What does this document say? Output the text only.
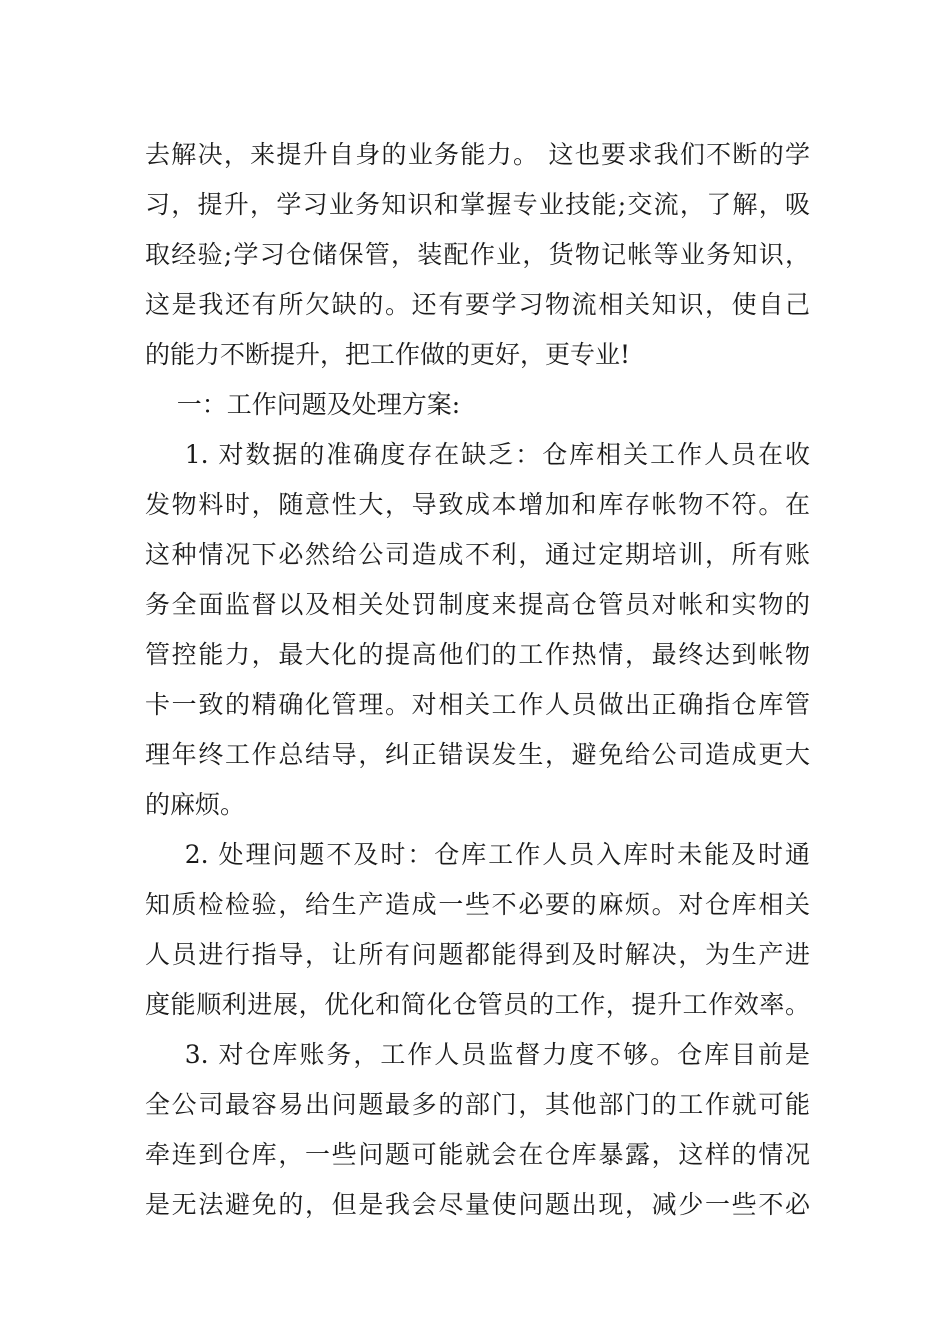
去解决，来提升自身的业务能力。 这也要求我们不断的学
习，提升，学习业务知识和掌握专业技能;交流，了解，吸
取经验;学习仓储保管，装配作业，货物记帐等业务知识，
这是我还有所欠缺的。还有要学习物流相关知识，使自己
的能力不断提升，把工作做的更好，更专业!
一：工作问题及处理方案:
1. 对数据的准确度存在缺乏：仓库相关工作人员在收
发物料时，随意性大，导致成本增加和库存帐物不符。在
这种情况下必然给公司造成不利，通过定期培训，所有账
务全面监督以及相关处罚制度来提高仓管员对帐和实物的
管控能力，最大化的提高他们的工作热情，最终达到帐物
卡一致的精确化管理。对相关工作人员做出正确指仓库管
理年终工作总结导，纠正错误发生，避免给公司造成更大
的麻烦。
2. 处理问题不及时：仓库工作人员入库时未能及时通
知质检检验，给生产造成一些不必要的麻烦。对仓库相关
人员进行指导，让所有问题都能得到及时解决，为生产进
度能顺利进展，优化和简化仓管员的工作，提升工作效率。
3. 对仓库账务，工作人员监督力度不够。仓库目前是
全公司最容易出问题最多的部门，其他部门的工作就可能
牵连到仓库，一些问题可能就会在仓库暴露，这样的情况
是无法避免的，但是我会尽量使问题出现，减少一些不必
